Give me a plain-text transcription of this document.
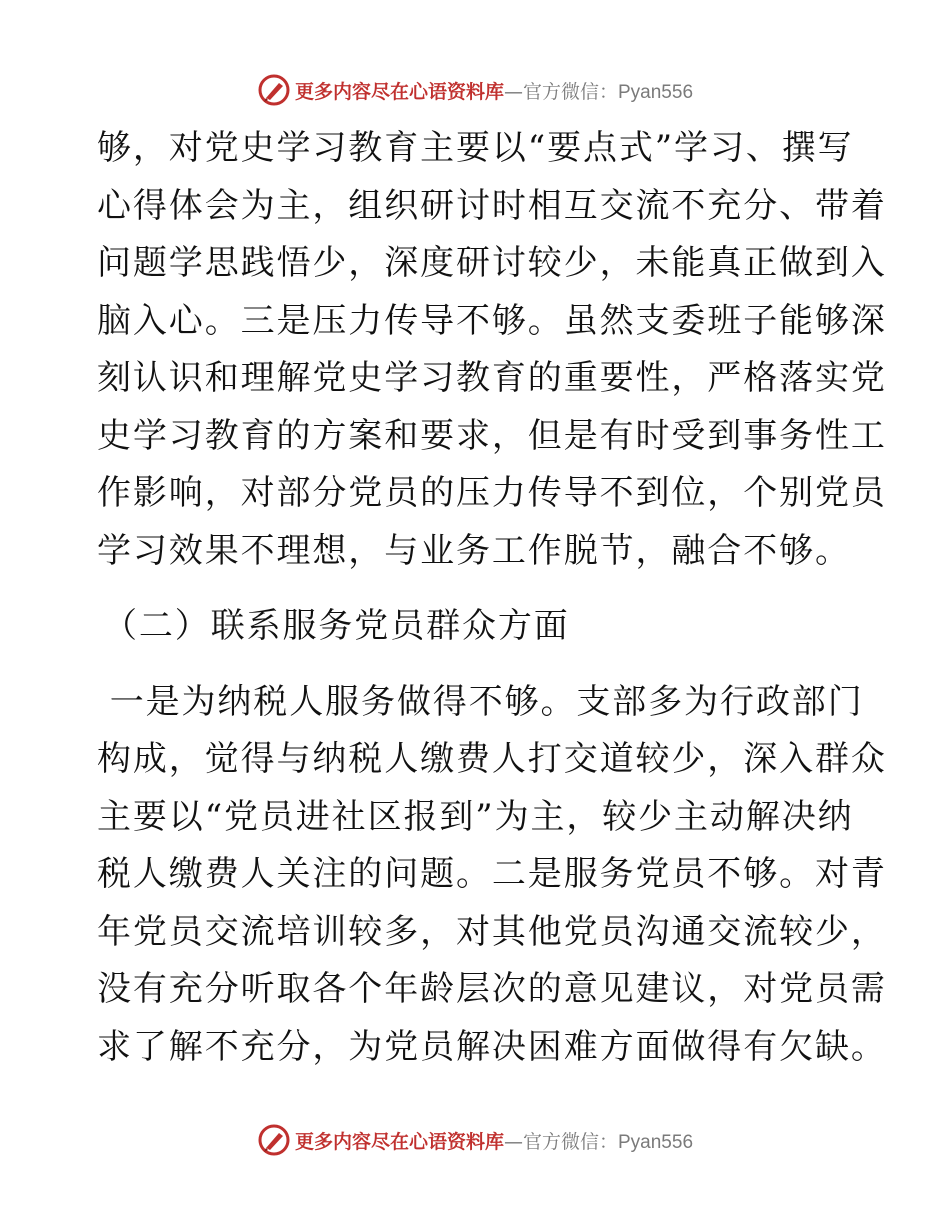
更多内容尽在心语资料库—官方微信：Pyan556
够，对党史学习教育主要以“要点式”学习、撰写
心得体会为主，组织研讨时相互交流不充分、带着
问题学思践悟少，深度研讨较少，未能真正做到入
脑入心。三是压力传导不够。虽然支委班子能够深
刻认识和理解党史学习教育的重要性，严格落实党
史学习教育的方案和要求，但是有时受到事务性工
作影响，对部分党员的压力传导不到位，个别党员
学习效果不理想，与业务工作脱节，融合不够。
（二）联系服务党员群众方面
一是为纳税人服务做得不够。支部多为行政部门
构成，觉得与纳税人缴费人打交道较少，深入群众
主要以“党员进社区报到”为主，较少主动解决纳
税人缴费人关注的问题。二是服务党员不够。对青
年党员交流培训较多，对其他党员沟通交流较少，
没有充分听取各个年龄层次的意见建议，对党员需
求了解不充分，为党员解决困难方面做得有欠缺。
更多内容尽在心语资料库—官方微信：Pyan556
